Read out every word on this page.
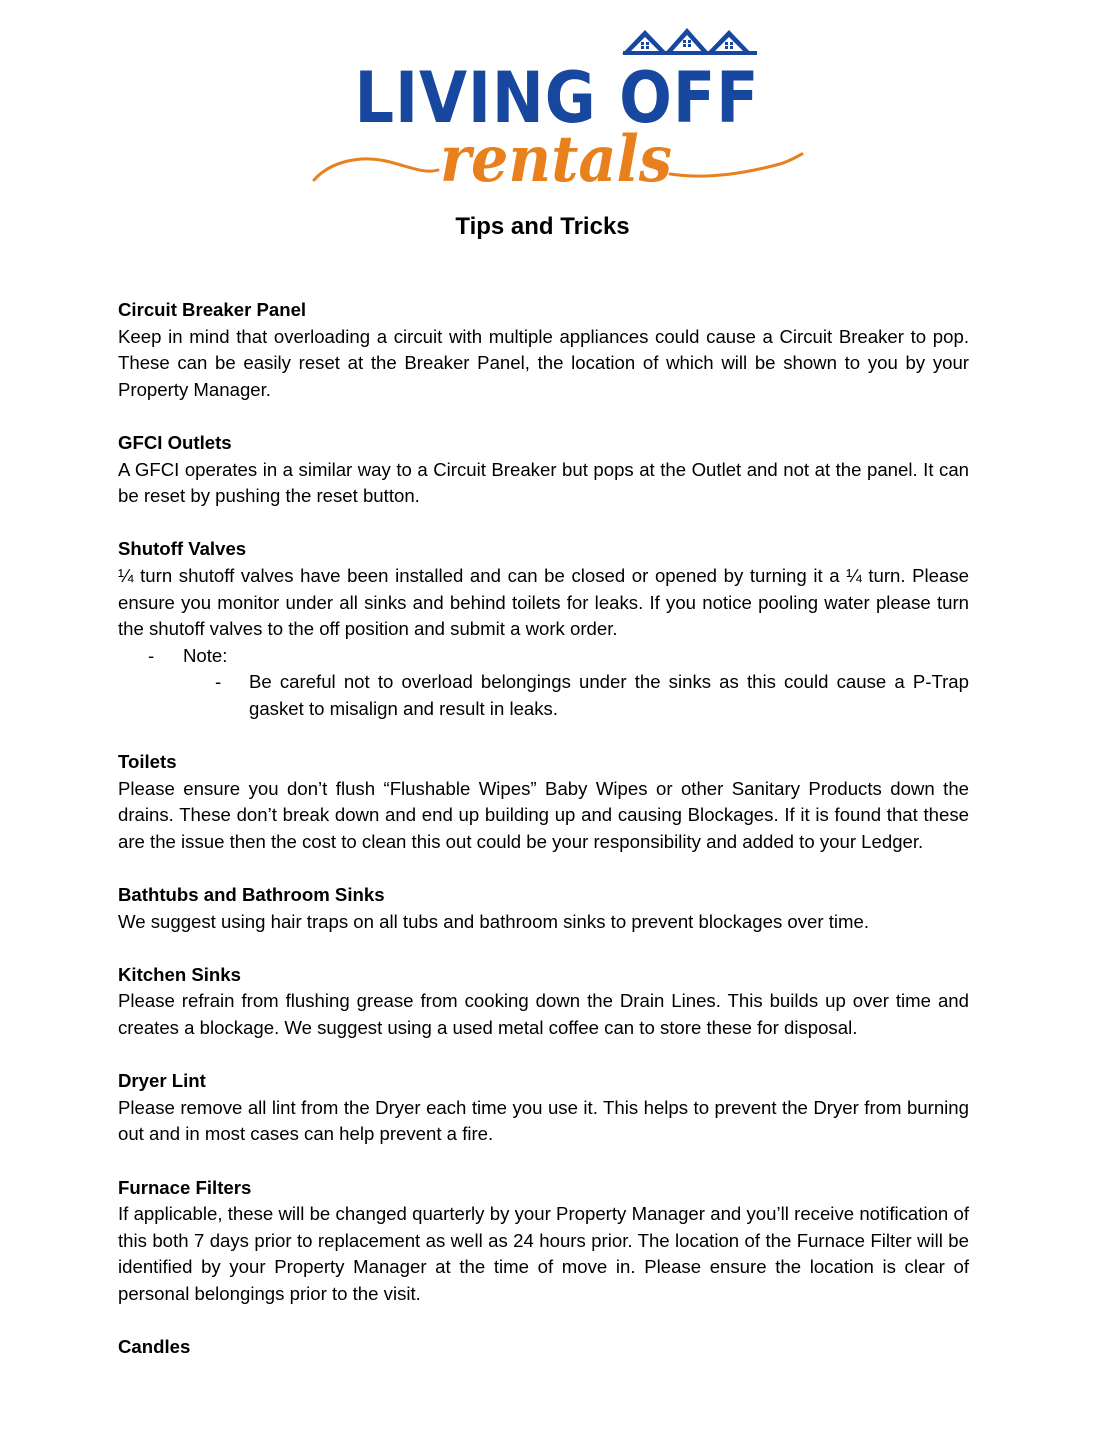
LIVING OFF
rentals
Tips and Tricks

Circuit Breaker Panel

Keep in mind that overloading a circuit with multiple appliances could cause a Circuit Breaker to pop. These can be easily reset at the Breaker Panel, the location of which will be shown to you by your Property Manager.

GFCI Outlets

A GFCI operates in a similar way to a Circuit Breaker but pops at the Outlet and not at the panel. It can be reset by pushing the reset button.

Shutoff Valves

¼ turn shutoff valves have been installed and can be closed or opened by turning it a ¼ turn. Please ensure you monitor under all sinks and behind toilets for leaks. If you notice pooling water please turn the shutoff valves to the off position and submit a work order.

- Note:

- Be careful not to overload belongings under the sinks as this could cause a P-Trap gasket to misalign and result in leaks.

Toilets

Please ensure you don’t flush “Flushable Wipes” Baby Wipes or other Sanitary Products down the drains. These don’t break down and end up building up and causing Blockages. If it is found that these are the issue then the cost to clean this out could be your responsibility and added to your Ledger.

Bathtubs and Bathroom Sinks

We suggest using hair traps on all tubs and bathroom sinks to prevent blockages over time.

Kitchen Sinks

Please refrain from flushing grease from cooking down the Drain Lines. This builds up over time and creates a blockage. We suggest using a used metal coffee can to store these for disposal.

Dryer Lint

Please remove all lint from the Dryer each time you use it. This helps to prevent the Dryer from burning out and in most cases can help prevent a fire.

Furnace Filters

If applicable, these will be changed quarterly by your Property Manager and you’ll receive notification of this both 7 days prior to replacement as well as 24 hours prior. The location of the Furnace Filter will be identified by your Property Manager at the time of move in. Please ensure the location is clear of personal belongings prior to the visit.

Candles
